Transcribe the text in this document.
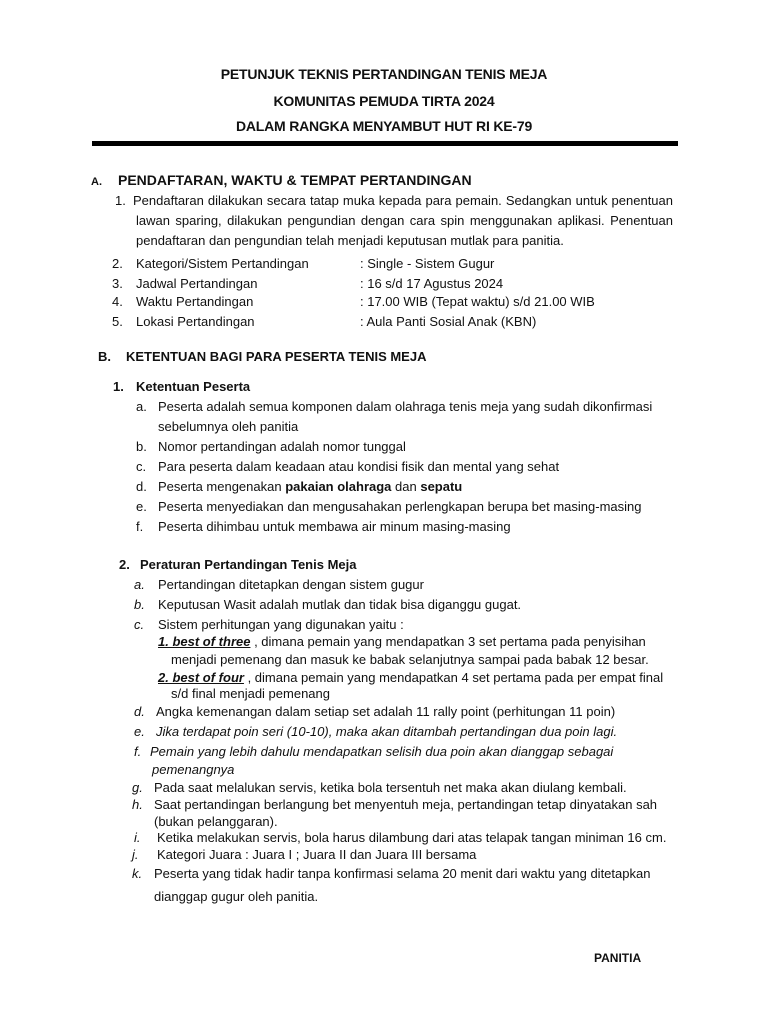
PETUNJUK TEKNIS PERTANDINGAN TENIS MEJA
KOMUNITAS PEMUDA TIRTA 2024
DALAM RANGKA MENYAMBUT HUT RI KE-79
A. PENDAFTARAN, WAKTU & TEMPAT PERTANDINGAN
1. Pendaftaran dilakukan secara tatap muka kepada para pemain. Sedangkan untuk penentuan
lawan sparing, dilakukan pengundian dengan cara spin menggunakan aplikasi. Penentuan
pendaftaran dan pengundian telah menjadi keputusan mutlak para panitia.
2. Kategori/Sistem Pertandingan	: Single - Sistem Gugur
3. Jadwal Pertandingan	: 16 s/d 17 Agustus 2024
4. Waktu Pertandingan	: 17.00 WIB (Tepat waktu) s/d 21.00 WIB
5. Lokasi Pertandingan	: Aula Panti Sosial Anak (KBN)
B. KETENTUAN BAGI PARA PESERTA TENIS MEJA
1. Ketentuan Peserta
a. Peserta adalah semua komponen dalam olahraga tenis meja yang sudah dikonfirmasi
sebelumnya oleh panitia
b. Nomor pertandingan adalah nomor tunggal
c. Para peserta dalam keadaan atau kondisi fisik dan mental yang sehat
d. Peserta mengenakan pakaian olahraga dan sepatu
e. Peserta menyediakan dan mengusahakan perlengkapan berupa bet masing-masing
f. Peserta dihimbau untuk membawa air minum masing-masing
2. Peraturan Pertandingan Tenis Meja
a. Pertandingan ditetapkan dengan sistem gugur
b. Keputusan Wasit adalah mutlak dan tidak bisa diganggu gugat.
c. Sistem perhitungan yang digunakan yaitu :
1. best of three , dimana pemain yang mendapatkan 3 set pertama pada penyisihan
menjadi pemenang dan masuk ke babak selanjutnya sampai pada babak 12 besar.
2. best of four , dimana pemain yang mendapatkan 4 set pertama pada per empat final
s/d final menjadi pemenang
d. Angka kemenangan dalam setiap set adalah 11 rally point (perhitungan 11 poin)
e. Jika terdapat poin seri (10-10), maka akan ditambah pertandingan dua poin lagi.
f. Pemain yang lebih dahulu mendapatkan selisih dua poin akan dianggap sebagai
pemenangnya
g. Pada saat melalukan servis, ketika bola tersentuh net maka akan diulang kembali.
h. Saat pertandingan berlangung bet menyentuh meja, pertandingan tetap dinyatakan sah
(bukan pelanggaran).
i. Ketika melakukan servis, bola harus dilambung dari atas telapak tangan miniman 16 cm.
j. Kategori Juara : Juara I ; Juara II dan Juara III bersama
k. Peserta yang tidak hadir tanpa konfirmasi selama 20 menit dari waktu yang ditetapkan
dianggap gugur oleh panitia.
PANITIA
